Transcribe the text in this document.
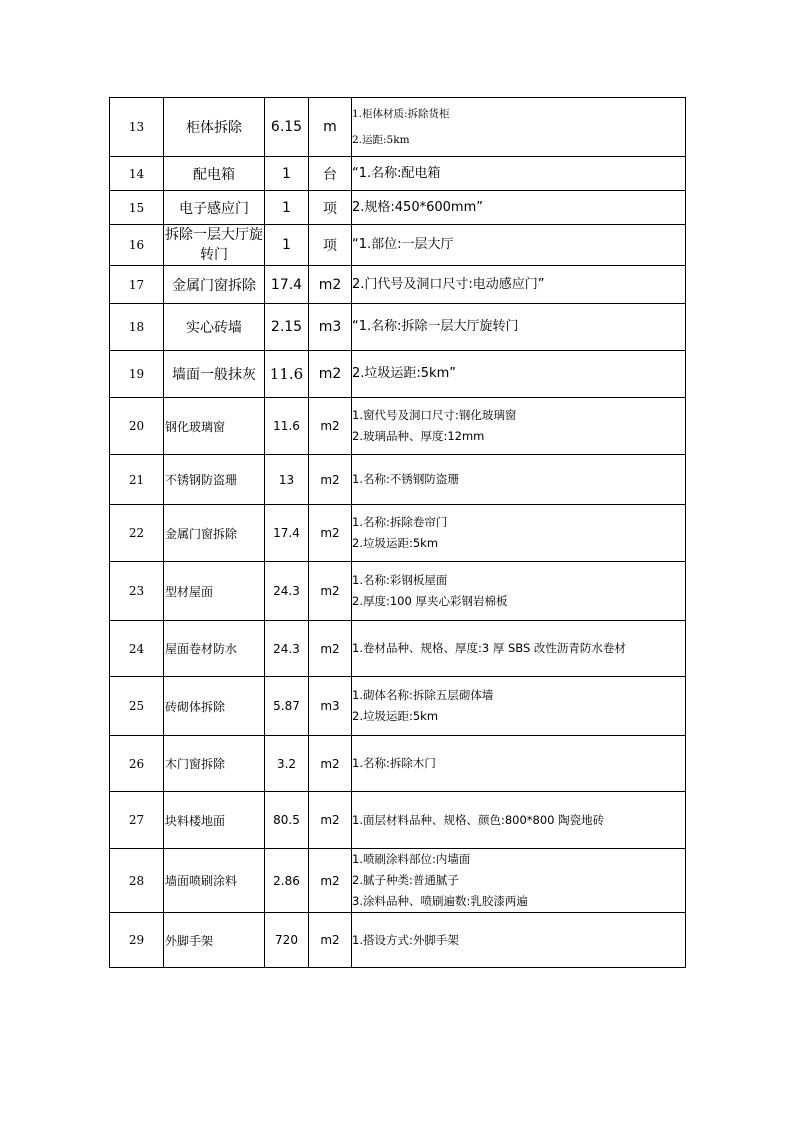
13	柜体拆除	6.15	m	1.柜体材质:拆除货柜
2.运距:5km

14	配电箱	1	台	“1.名称:配电箱

15	电子感应门	1	项	2.规格:450*600mm”

16	拆除一层大厅旋转门	1	项	“1.部位:一层大厅

17	金属门窗拆除	17.4	m2	2.门代号及洞口尺寸:电动感应门”

18	实心砖墙	2.15	m3	“1.名称:拆除一层大厅旋转门

19	墙面一般抹灰	11.6	m2	2.垃圾运距:5km”

20	钢化玻璃窗	11.6	m2	1.窗代号及洞口尺寸:钢化玻璃窗
2.玻璃品种、厚度:12mm

21	不锈钢防盗珊	13	m2	1.名称:不锈钢防盗珊

22	金属门窗拆除	17.4	m2	1.名称:拆除卷帘门
2.垃圾运距:5km

23	型材屋面	24.3	m2	1.名称:彩钢板屋面
2.厚度:100 厚夹心彩钢岩棉板

24	屋面卷材防水	24.3	m2	1.卷材品种、规格、厚度:3 厚 SBS 改性沥青防水卷材

25	砖砌体拆除	5.87	m3	1.砌体名称:拆除五层砌体墙
2.垃圾运距:5km

26	木门窗拆除	3.2	m2	1.名称:拆除木门

27	块料楼地面	80.5	m2	1.面层材料品种、规格、颜色:800*800 陶瓷地砖

28	墙面喷刷涂料	2.86	m2	1.喷刷涂料部位:内墙面
2.腻子种类:普通腻子
3.涂料品种、喷刷遍数:乳胶漆两遍

29	外脚手架	720	m2	1.搭设方式:外脚手架
